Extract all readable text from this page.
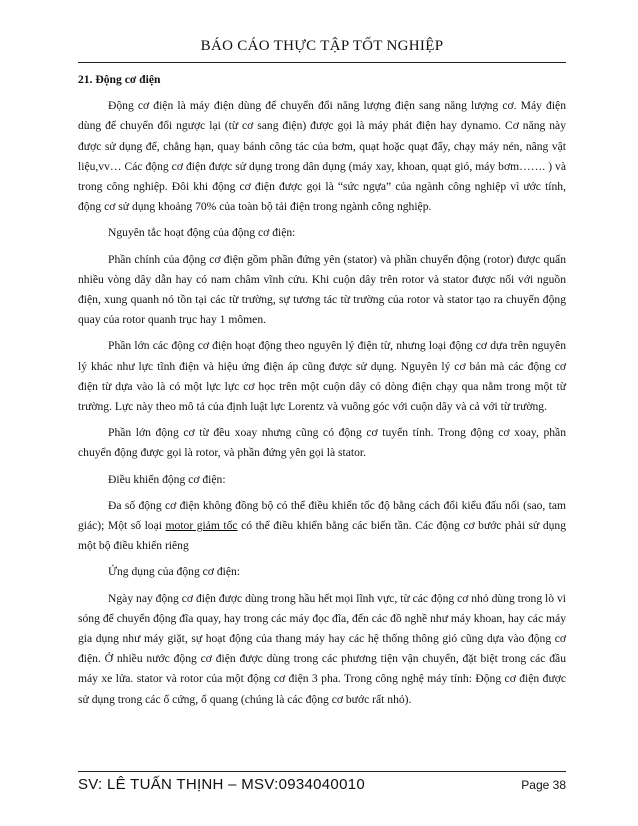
BÁO CÁO THỰC TẬP TỐT NGHIỆP

21. Động cơ điện

Động cơ điện là máy điện dùng để chuyển đổi năng lượng điện sang năng lượng cơ. Máy điện dùng để chuyển đổi ngược lại (từ cơ sang điện) được gọi là máy phát điện hay dynamo. Cơ năng này được sử dụng để, chẳng hạn, quay bánh công tác của bơm, quạt hoặc quạt đẩy, chạy máy nén, nâng vật liệu,vv… Các động cơ điện được sử dụng trong dân dụng (máy xay, khoan, quạt gió, máy bơm……. ) và trong công nghiệp. Đôi khi động cơ điện được gọi là “sức ngựa” của ngành công nghiệp vì ước tính, động cơ sử dụng khoảng 70% của toàn bộ tải điện trong ngành công nghiệp.

Nguyên tắc hoạt động của động cơ điện:

Phần chính của động cơ điện gồm phần đứng yên (stator) và phần chuyển động (rotor) được quấn nhiều vòng dây dẫn hay có nam châm vĩnh cửu. Khi cuộn dây trên rotor và stator được nối với nguồn điện, xung quanh nó tồn tại các từ trường, sự tương tác từ trường của rotor và stator tạo ra chuyển động quay của rotor quanh trục hay 1 mômen.

Phần lớn các động cơ điện hoạt động theo nguyên lý điện từ, nhưng loại động cơ dựa trên nguyên lý khác như lực tĩnh điện và hiệu ứng điện áp cũng được sử dụng. Nguyên lý cơ bản mà các động cơ điện từ dựa vào là có một lực lực cơ học trên một cuộn dây có dòng điện chạy qua nằm trong một từ trường. Lực này theo mô tả của định luật lực Lorentz và vuông góc với cuộn dây và cả với từ trường.

Phần lớn động cơ từ đều xoay nhưng cũng có động cơ tuyến tính. Trong động cơ xoay, phần chuyển động được gọi là rotor, và phần đứng yên gọi là stator.

Điều khiển động cơ điện:

Đa số động cơ điện không đồng bộ có thể điều khiển tốc độ bằng cách đổi kiểu đấu nối (sao, tam giác); Một số loại motor giảm tốc có thể điều khiển bằng các biến tần. Các động cơ bước phải sử dụng một bộ điều khiển riêng

Ứng dụng của động cơ điện:

Ngày nay động cơ điện được dùng trong hầu hết mọi lĩnh vực, từ các động cơ nhỏ dùng trong lò vi sóng để chuyển động đĩa quay, hay trong các máy đọc đĩa, đến các đồ nghề như máy khoan, hay các máy gia dụng như máy giặt, sự hoạt động của thang máy hay các hệ thống thông gió cũng dựa vào động cơ điện. Ở nhiều nước động cơ điện được dùng trong các phương tiện vận chuyển, đặt biệt trong các đầu máy xe lửa. stator và rotor của một động cơ điện 3 pha. Trong công nghệ máy tính: Động cơ điện được sử dụng trong các ổ cứng, ổ quang (chúng là các động cơ bước rất nhỏ).

SV: LÊ TUẤN THỊNH – MSV:0934040010	Page 38
